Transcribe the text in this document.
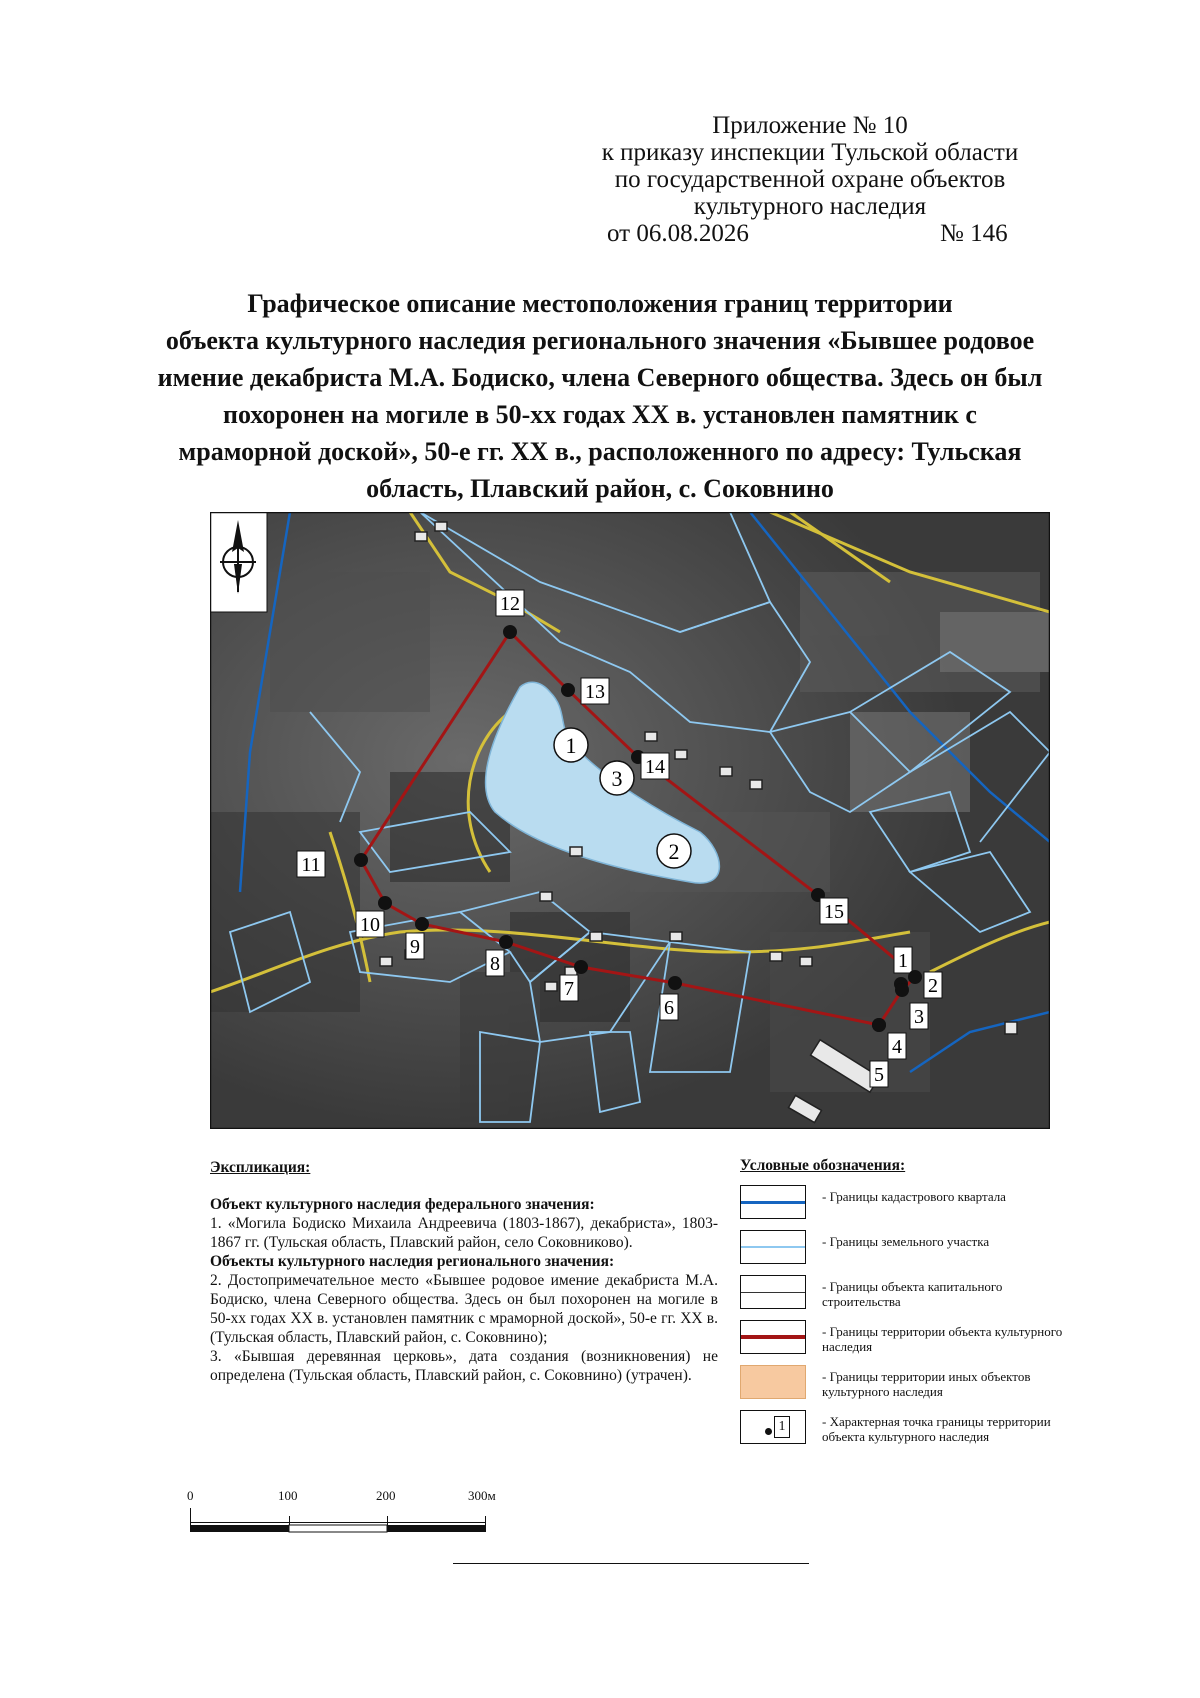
Приложение № 10
к приказу инспекции Тульской области
по государственной охране объектов
культурного наследия
от 06.08.2026	№ 146
Графическое описание местоположения границ территории
объекта культурного наследия регионального значения «Бывшее родовое
имение декабриста М.А. Бодиско, члена Северного общества. Здесь он был
похоронен на могиле в 50-хх годах XX в. установлен памятник с
мраморной доской», 50-е гг. XX в., расположенного по адресу: Тульская
область, Плавский район, с. Соковнино
1
2
3
4
5
6
7
8
9
10
11
12
13
14
15
1
2
3
Экспликация:
Объект культурного наследия федерального значения:
1. «Могила Бодиско Михаила Андреевича (1803-1867), декабриста», 1803-1867 гг. (Тульская область, Плавский район, село Соковниково).
Объекты культурного наследия регионального значения:
2. Достопримечательное место «Бывшее родовое имение декабриста М.А. Бодиско, члена Северного общества. Здесь он был похоронен на могиле в 50-хх годах XX в. установлен памятник с мраморной доской», 50-е гг. XX в. (Тульская область, Плавский район, с. Соковнино);
3. «Бывшая деревянная церковь», дата создания (возникновения) не определена (Тульская область, Плавский район, с. Соковнино) (утрачен).
Условные обозначения:
- Границы кадастрового квартала
- Границы земельного участка
- Границы объекта капитального строительства
- Границы территории объекта культурного наследия
- Границы территории иных объектов культурного наследия
1	- Характерная точка границы территории объекта культурного наследия
0	100	200	300м
